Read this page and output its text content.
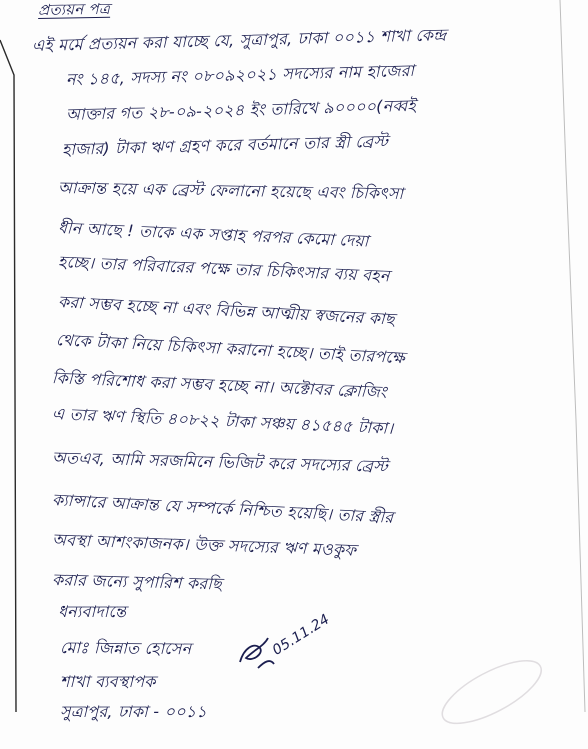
প্রত্যয়ন পত্র
এই মর্মে প্রত্যয়ন করা যাচ্ছে যে, সুত্রাপুর, ঢাকা ০০১১ শাখা কেন্দ্র
নং ১৪৫, সদস্য নং ০৮০৯২০২১ সদস্যের নাম হাজেরা
আক্তার গত ২৮-০৯-২০২৪ ইং তারিখে ৯০০০০(নব্বই
হাজার) টাকা ঋণ গ্রহণ করে বর্তমানে তার স্ত্রী ব্রেস্ট
আক্রান্ত হয়ে এক ব্রেস্ট ফেলানো হয়েছে এবং চিকিৎসা
ধীন আছে ! তাকে এক সপ্তাহ পরপর কেমো দেয়া
হচ্ছে। তার পরিবারের পক্ষে তার চিকিৎসার ব্যয় বহন
করা সম্ভব হচ্ছে না এবং বিভিন্ন আত্মীয় স্বজনের কাছ
থেকে টাকা নিয়ে চিকিৎসা করানো হচ্ছে। তাই তারপক্ষে
কিস্তি পরিশোধ করা সম্ভব হচ্ছে না। অক্টোবর ক্লোজিং
এ তার ঋণ স্থিতি ৪০৮২২ টাকা সঞ্চয় ৪১৫৪৫ টাকা।
অতএব, আমি সরজমিনে ভিজিট করে সদস্যের ব্রেস্ট
ক্যান্সারে আক্রান্ত যে সম্পর্কে নিশ্চিত হয়েছি। তার স্ত্রীর
অবস্থা আশংকাজনক। উক্ত সদস্যের ঋণ মওকুফ
করার জন্যে সুপারিশ করছি
ধন্যবাদান্তে
মোঃ জিন্নাত হোসেন	05.11.24
শাখা ব্যবস্থাপক
সুত্রাপুর, ঢাকা - ০০১১
